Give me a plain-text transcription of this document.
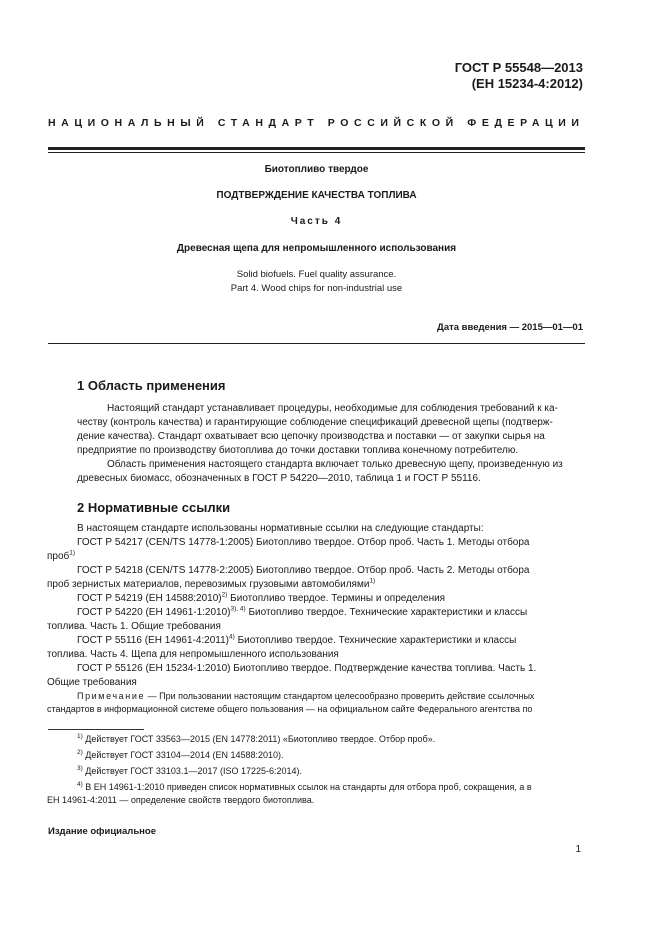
ГОСТ Р 55548—2013
(ЕН 15234-4:2012)
НАЦИОНАЛЬНЫЙ СТАНДАРТ РОССИЙСКОЙ ФЕДЕРАЦИИ
Биотопливо твердое
ПОДТВЕРЖДЕНИЕ КАЧЕСТВА ТОПЛИВА
Часть 4
Древесная щепа для непромышленного использования
Solid biofuels. Fuel quality assurance.
Part 4. Wood chips for non-industrial use
Дата введения — 2015—01—01
1 Область применения
Настоящий стандарт устанавливает процедуры, необходимые для соблюдения требований к ка-
честву (контроль качества) и гарантирующие соблюдение спецификаций древесной щепы (подтверж-
дение качества). Стандарт охватывает всю цепочку производства и поставки — от закупки сырья на
предприятие по производству биотоплива до точки доставки топлива конечному потребителю.
Область применения настоящего стандарта включает только древесную щепу, произведенную из
древесных биомасс, обозначенных в ГОСТ Р 54220—2010, таблица 1 и ГОСТ Р 55116.
2 Нормативные ссылки
В настоящем стандарте использованы нормативные ссылки на следующие стандарты:
ГОСТ Р 54217 (CEN/TS 14778-1:2005) Биотопливо твердое. Отбор проб. Часть 1. Методы отбора
проб$^{1)}$
ГОСТ Р 54218 (CEN/TS 14778-2:2005) Биотопливо твердое. Отбор проб. Часть 2. Методы отбора
проб зернистых материалов, перевозимых грузовыми автомобилями$^{1)}$
ГОСТ Р 54219 (ЕН 14588:2010)$^{2)}$ Биотопливо твердое. Термины и определения
ГОСТ Р 54220 (ЕН 14961-1:2010)$^{3), 4)}$ Биотопливо твердое. Технические характеристики и классы
топлива. Часть 1. Общие требования
ГОСТ Р 55116 (ЕН 14961-4:2011)$^{4)}$ Биотопливо твердое. Технические характеристики и классы
топлива. Часть 4. Щепа для непромышленного использования
ГОСТ Р 55126 (ЕН 15234-1:2010) Биотопливо твердое. Подтверждение качества топлива. Часть 1.
Общие требования
Примечание — При пользовании настоящим стандартом целесообразно проверить действие ссылочных
стандартов в информационной системе общего пользования — на официальном сайте Федерального агентства по
$^{1)}$ Действует ГОСТ 33563—2015 (EN 14778:2011) «Биотопливо твердое. Отбор проб».
$^{2)}$ Действует ГОСТ 33104—2014 (EN 14588:2010).
$^{3)}$ Действует ГОСТ 33103.1—2017 (ISO 17225-6:2014).
$^{4)}$ В ЕН 14961-1:2010 приведен список нормативных ссылок на стандарты для отбора проб, сокращения, а в
ЕН 14961-4:2011 — определение свойств твердого биотоплива.
Издание официальное
1
